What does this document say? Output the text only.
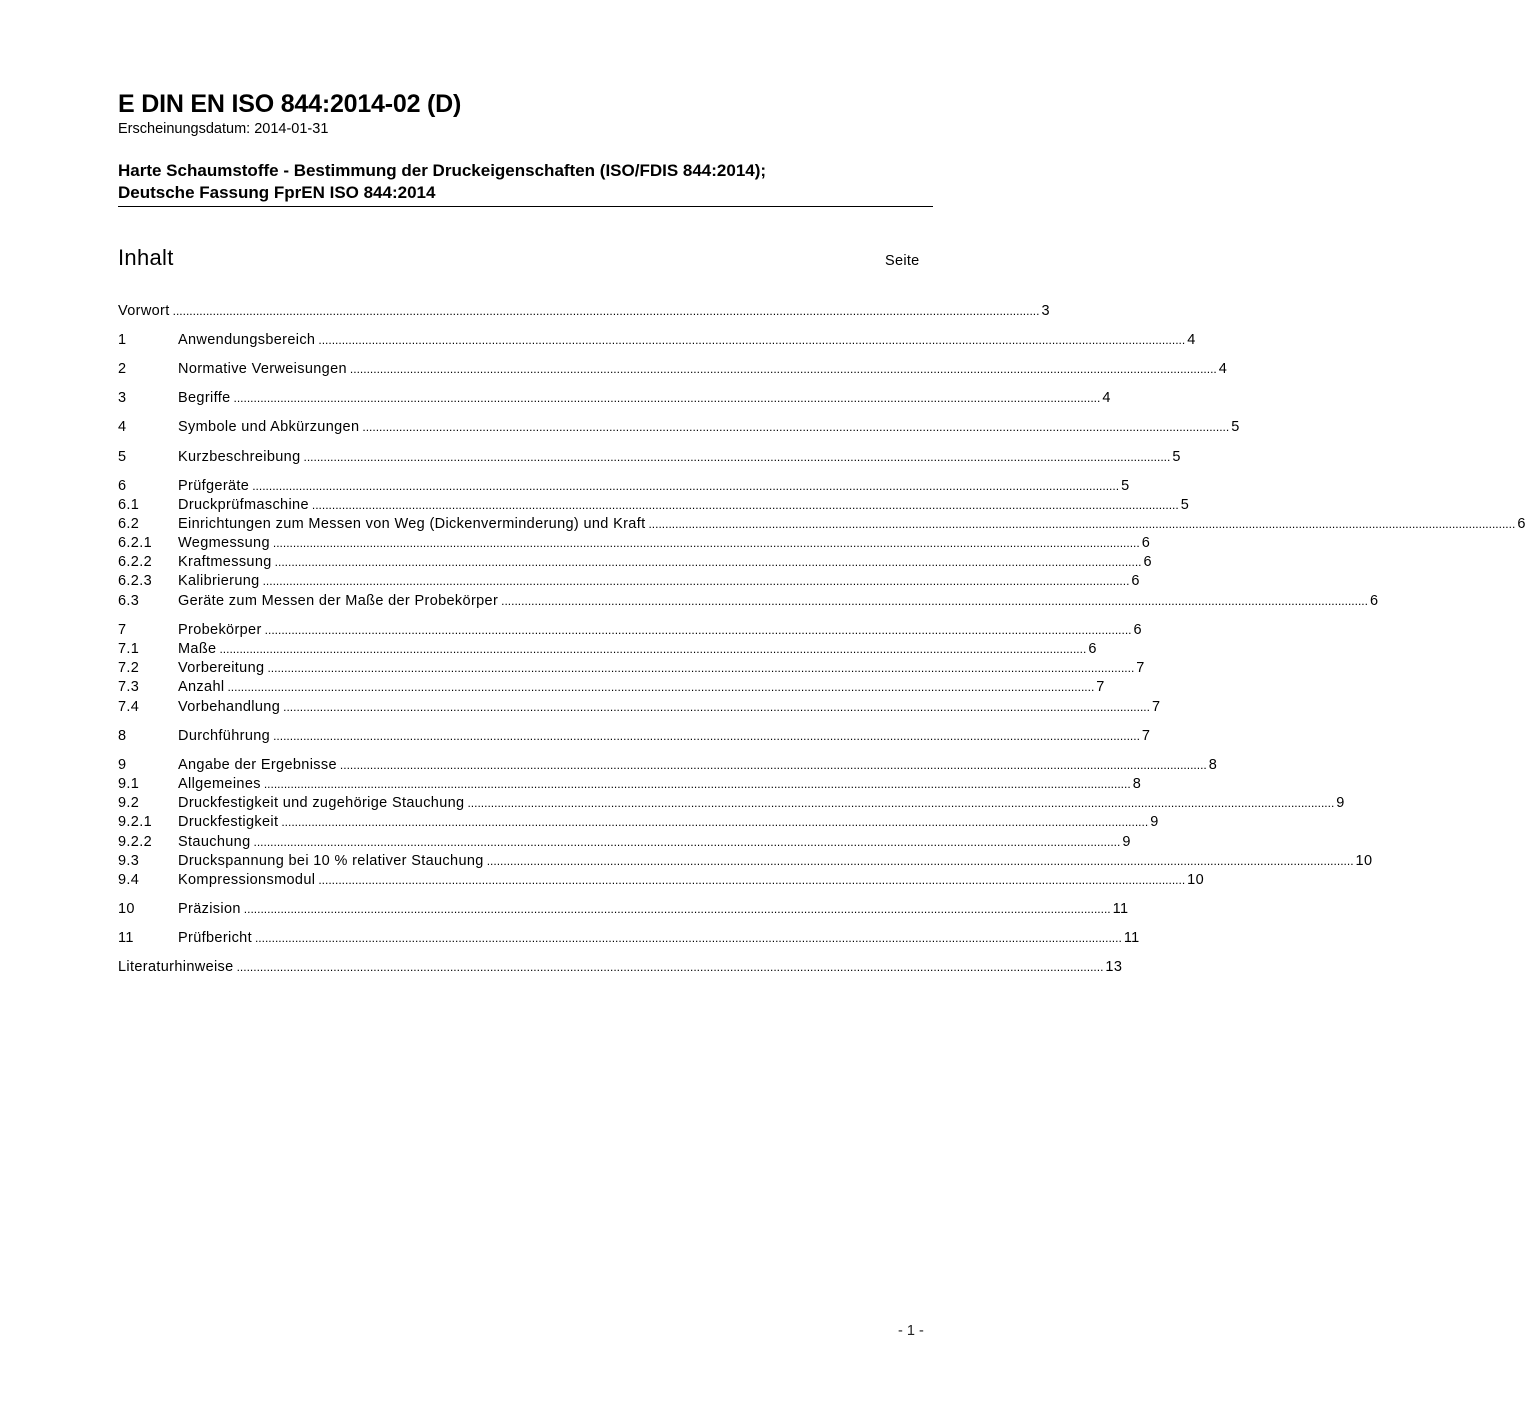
E DIN EN ISO 844:2014-02 (D)
Erscheinungsdatum: 2014-01-31
Harte Schaumstoffe - Bestimmung der Druckeigenschaften (ISO/FDIS 844:2014);
Deutsche Fassung FprEN ISO 844:2014
Inhalt	Seite
Vorwort .................................................................................................................................................................................................................................................................... 3
1	Anwendungsbereich .................................................................................................................................................................................................................................................................... 4
2	Normative Verweisungen .................................................................................................................................................................................................................................................................... 4
3	Begriffe .................................................................................................................................................................................................................................................................... 4
4	Symbole und Abkürzungen .................................................................................................................................................................................................................................................................... 5
5	Kurzbeschreibung .................................................................................................................................................................................................................................................................... 5
6	Prüfgeräte .................................................................................................................................................................................................................................................................... 5
6.1	Druckprüfmaschine .................................................................................................................................................................................................................................................................... 5
6.2	Einrichtungen zum Messen von Weg (Dickenverminderung) und Kraft .................................................................................................................................................................................................................................................................... 6
6.2.1	Wegmessung .................................................................................................................................................................................................................................................................... 6
6.2.2	Kraftmessung .................................................................................................................................................................................................................................................................... 6
6.2.3	Kalibrierung .................................................................................................................................................................................................................................................................... 6
6.3	Geräte zum Messen der Maße der Probekörper .................................................................................................................................................................................................................................................................... 6
7	Probekörper .................................................................................................................................................................................................................................................................... 6
7.1	Maße .................................................................................................................................................................................................................................................................... 6
7.2	Vorbereitung .................................................................................................................................................................................................................................................................... 7
7.3	Anzahl .................................................................................................................................................................................................................................................................... 7
7.4	Vorbehandlung .................................................................................................................................................................................................................................................................... 7
8	Durchführung .................................................................................................................................................................................................................................................................... 7
9	Angabe der Ergebnisse .................................................................................................................................................................................................................................................................... 8
9.1	Allgemeines .................................................................................................................................................................................................................................................................... 8
9.2	Druckfestigkeit und zugehörige Stauchung .................................................................................................................................................................................................................................................................... 9
9.2.1	Druckfestigkeit .................................................................................................................................................................................................................................................................... 9
9.2.2	Stauchung .................................................................................................................................................................................................................................................................... 9
9.3	Druckspannung bei 10 % relativer Stauchung .................................................................................................................................................................................................................................................................... 10
9.4	Kompressionsmodul .................................................................................................................................................................................................................................................................... 10
10	Präzision .................................................................................................................................................................................................................................................................... 11
11	Prüfbericht .................................................................................................................................................................................................................................................................... 11
Literaturhinweise .................................................................................................................................................................................................................................................................... 13
- 1 -
